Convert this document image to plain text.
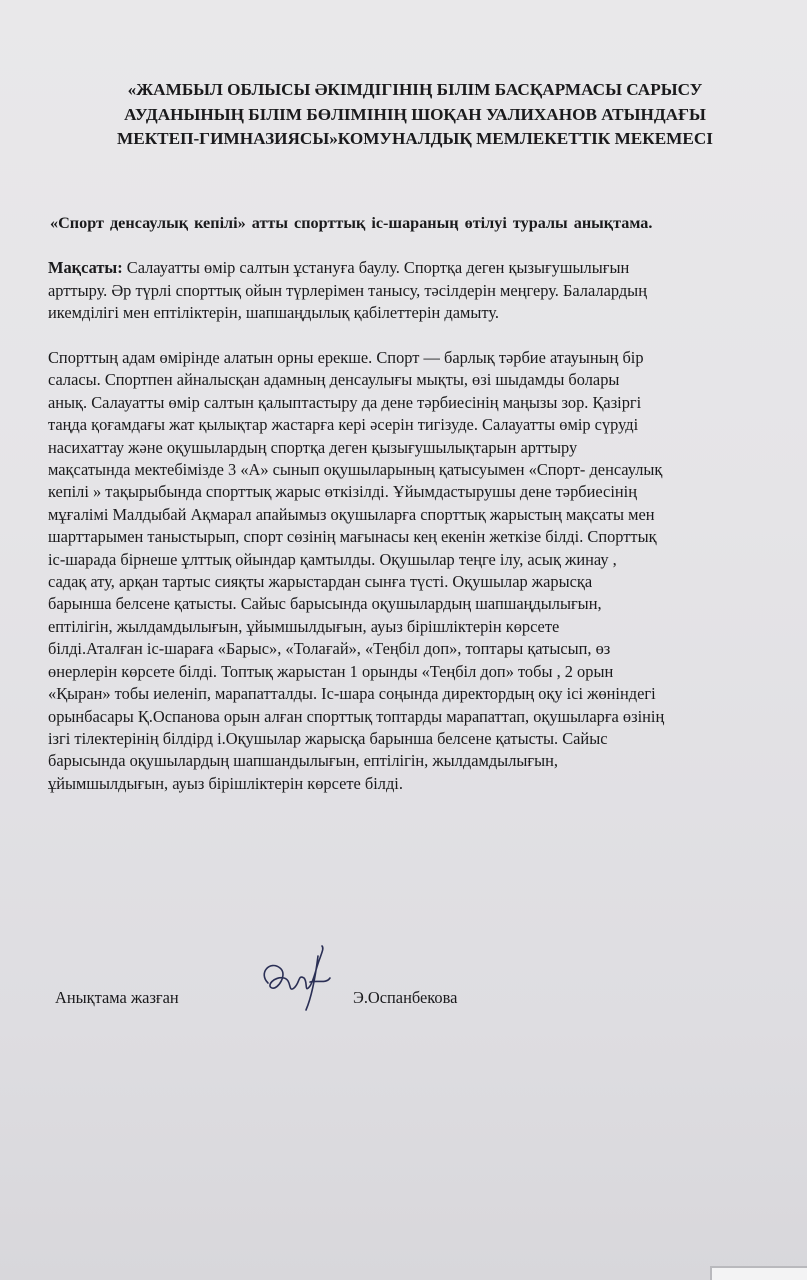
«ЖАМБЫЛ ОБЛЫСЫ ӘКІМДІГІНІҢ БІЛІМ БАСҚАРМАСЫ САРЫСУ
АУДАНЫНЫҢ БІЛІМ БӨЛІМІНІҢ ШОҚАН УАЛИХАНОВ АТЫНДАҒЫ
МЕКТЕП-ГИМНАЗИЯСЫ»КОМУНАЛДЫҚ МЕМЛЕКЕТТІК МЕКЕМЕСІ
«Спорт денсаулық кепілі» атты спорттық іс-шараның өтілуі туралы анықтама.
Мақсаты: Салауатты өмір салтын ұстануға баулу. Спортқа деген қызығушылығын
арттыру. Әр түрлі спорттық ойын түрлерімен танысу, тәсілдерін меңгеру. Балалардың
икемділігі мен ептіліктерін, шапшаңдылық қабілеттерін дамыту.
Спорттың адам өмірінде алатын орны ерекше. Спорт — барлық тәрбие атауының бір
саласы. Спортпен айналысқан адамның денсаулығы мықты, өзі шыдамды болары
анық. Салауатты өмір салтын қалыптастыру да дене тәрбиесінің маңызы зор. Қазіргі
таңда қоғамдағы жат қылықтар жастарға кері әсерін тигізуде. Салауатты өмір сүруді
насихаттау және оқушылардың спортқа деген қызығушылықтарын арттыру
мақсатында мектебімізде 3 «А» сынып оқушыларының қатысуымен «Спорт- денсаулық
кепілі » тақырыбында спорттық жарыс өткізілді. Ұйымдастырушы дене тәрбиесінің
мұғалімі Малдыбай Ақмарал апайымыз оқушыларға спорттық жарыстың мақсаты мен
шарттарымен таныстырып, спорт сөзінің мағынасы кең екенін жеткізе білді. Спорттық
іс-шарада бірнеше ұлттық ойындар қамтылды. Оқушылар теңге ілу, асық жинау ,
садақ ату, арқан тартыс сияқты жарыстардан сынға түсті. Оқушылар жарысқа
барынша белсене қатысты. Сайыс барысында оқушылардың шапшаңдылығын,
ептілігін, жылдамдылығын, ұйымшылдығын, ауыз бірішліктерін көрсете
білді.Аталған іс-шараға «Барыс», «Толағай», «Теңбіл доп», топтары қатысып, өз
өнерлерін көрсете білді. Топтық жарыстан 1 орынды «Теңбіл доп» тобы , 2 орын
«Қыран» тобы иеленіп, марапатталды. Іс-шара соңында директордың оқу ісі жөніндегі
орынбасары Қ.Оспанова орын алған спорттық топтарды марапаттап, оқушыларға өзінің
ізгі тілектерінің білдірд і.Оқушылар жарысқа барынша белсене қатысты. Сайыс
барысында оқушылардың шапшандылығын, ептілігін, жылдамдылығын,
ұйымшылдығын, ауыз бірішліктерін көрсете білді.
Анықтама жазған	Э.Оспанбекова
